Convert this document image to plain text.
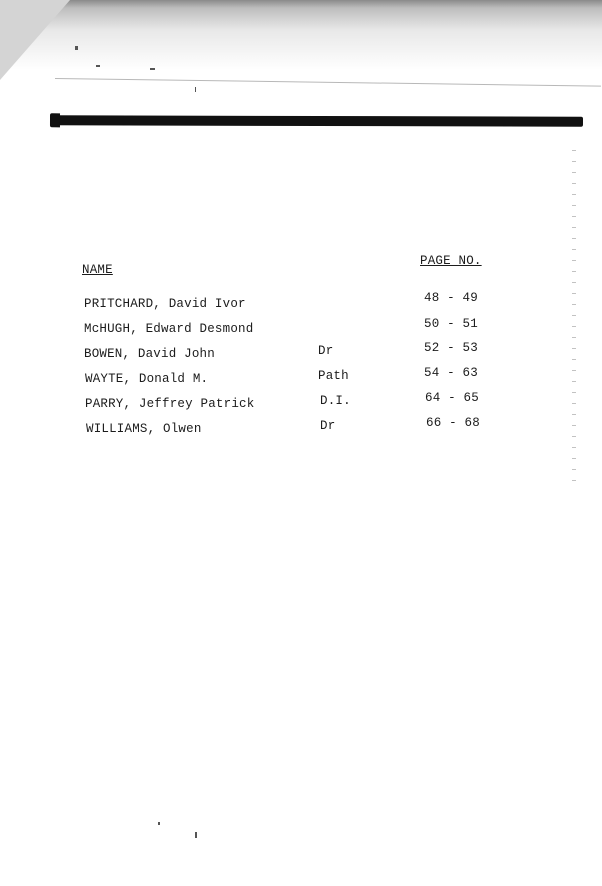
NAME
PAGE NO.
PRITCHARD, David Ivor	48 - 49
McHUGH, Edward Desmond	50 - 51
BOWEN, David John	Dr	52 - 53
WAYTE, Donald M.	Path	54 - 63
PARRY, Jeffrey Patrick	D.I.	64 - 65
WILLIAMS, Olwen	Dr	66 - 68
